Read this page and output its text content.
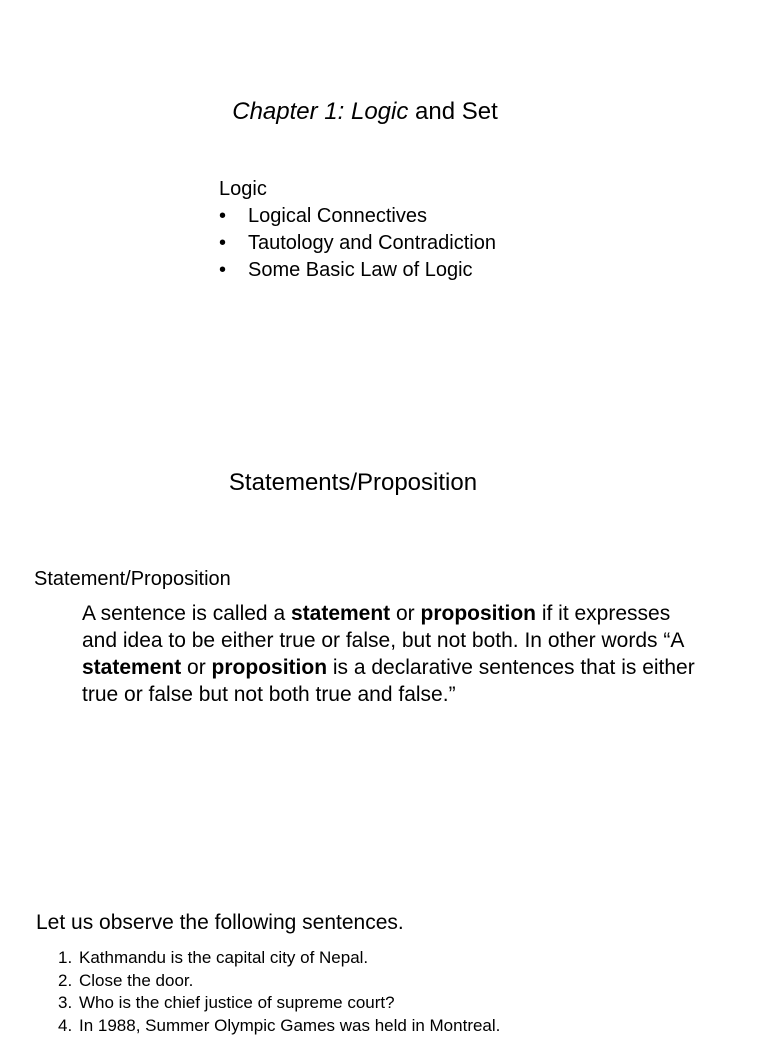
Chapter 1: Logic and Set
Logic
• Logical Connectives
• Tautology and Contradiction
• Some Basic Law of Logic
Statements/Proposition
Statement/Proposition

A sentence is called a statement or proposition if it expresses and idea to be either true or false, but not both. In other words “A statement or proposition is a declarative sentences that is either true or false but not both true and false.”

Let us observe the following sentences.
1. Kathmandu is the capital city of Nepal.
2. Close the door.
3. Who is the chief justice of supreme court?
4. In 1988, Summer Olympic Games was held in Montreal.
